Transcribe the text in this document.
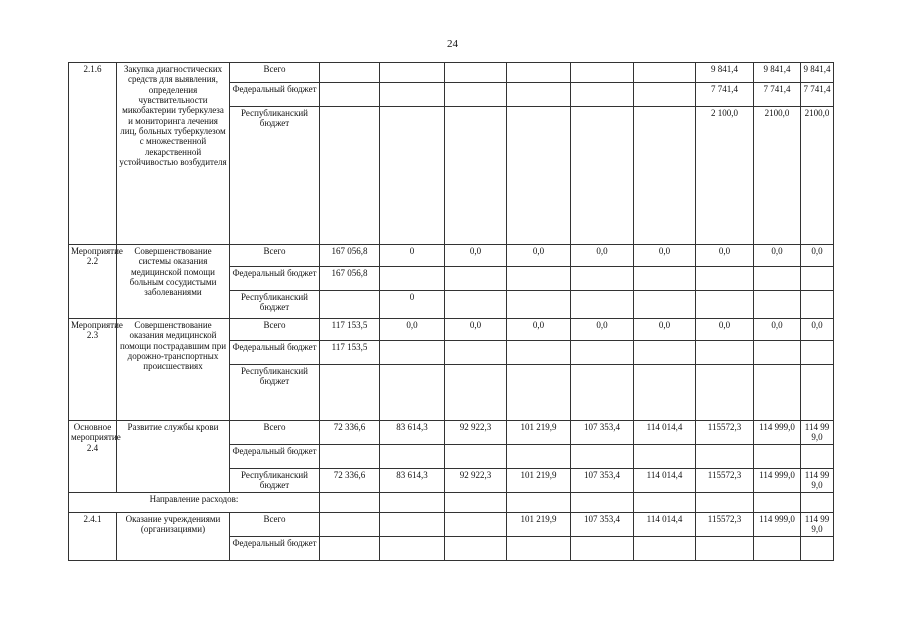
24
2.1.6	Закупка диагностических средств для выявления, определения чувствительности микобактерии туберкулеза и мониторинга лечения лиц, больных туберкулезом с множественной лекарственной устойчивостью возбудителя	Всего							9 841,4	9 841,4	9 841,4
		Федеральный бюджет							7 741,4	7 741,4	7 741,4
		Республиканский бюджет							2 100,0	2100,0	2100,0
Мероприятие 2.2	Совершенствование системы оказания медицинской помощи больным сосудистыми заболеваниями	Всего	167 056,8	0	0,0	0,0	0,0	0,0	0,0	0,0	0,0
		Федеральный бюджет	167 056,8								
		Республиканский бюджет		0							
Мероприятие 2.3	Совершенствование оказания медицинской помощи пострадавшим при дорожно-транспортных происшествиях	Всего	117 153,5	0,0	0,0	0,0	0,0	0,0	0,0	0,0	0,0
		Федеральный бюджет	117 153,5								
		Республиканский бюджет									
Основное мероприятие 2.4	Развитие службы крови	Всего	72 336,6	83 614,3	92 922,3	101 219,9	107 353,4	114 014,4	115572,3	114 999,0	114 999,0
		Федеральный бюджет									
		Республиканский бюджет	72 336,6	83 614,3	92 922,3	101 219,9	107 353,4	114 014,4	115572,3	114 999,0	114 999,0
Направление расходов:											
2.4.1	Оказание учреждениями (организациями)	Всего				101 219,9	107 353,4	114 014,4	115572,3	114 999,0	114 999,0
		Федеральный бюджет									
